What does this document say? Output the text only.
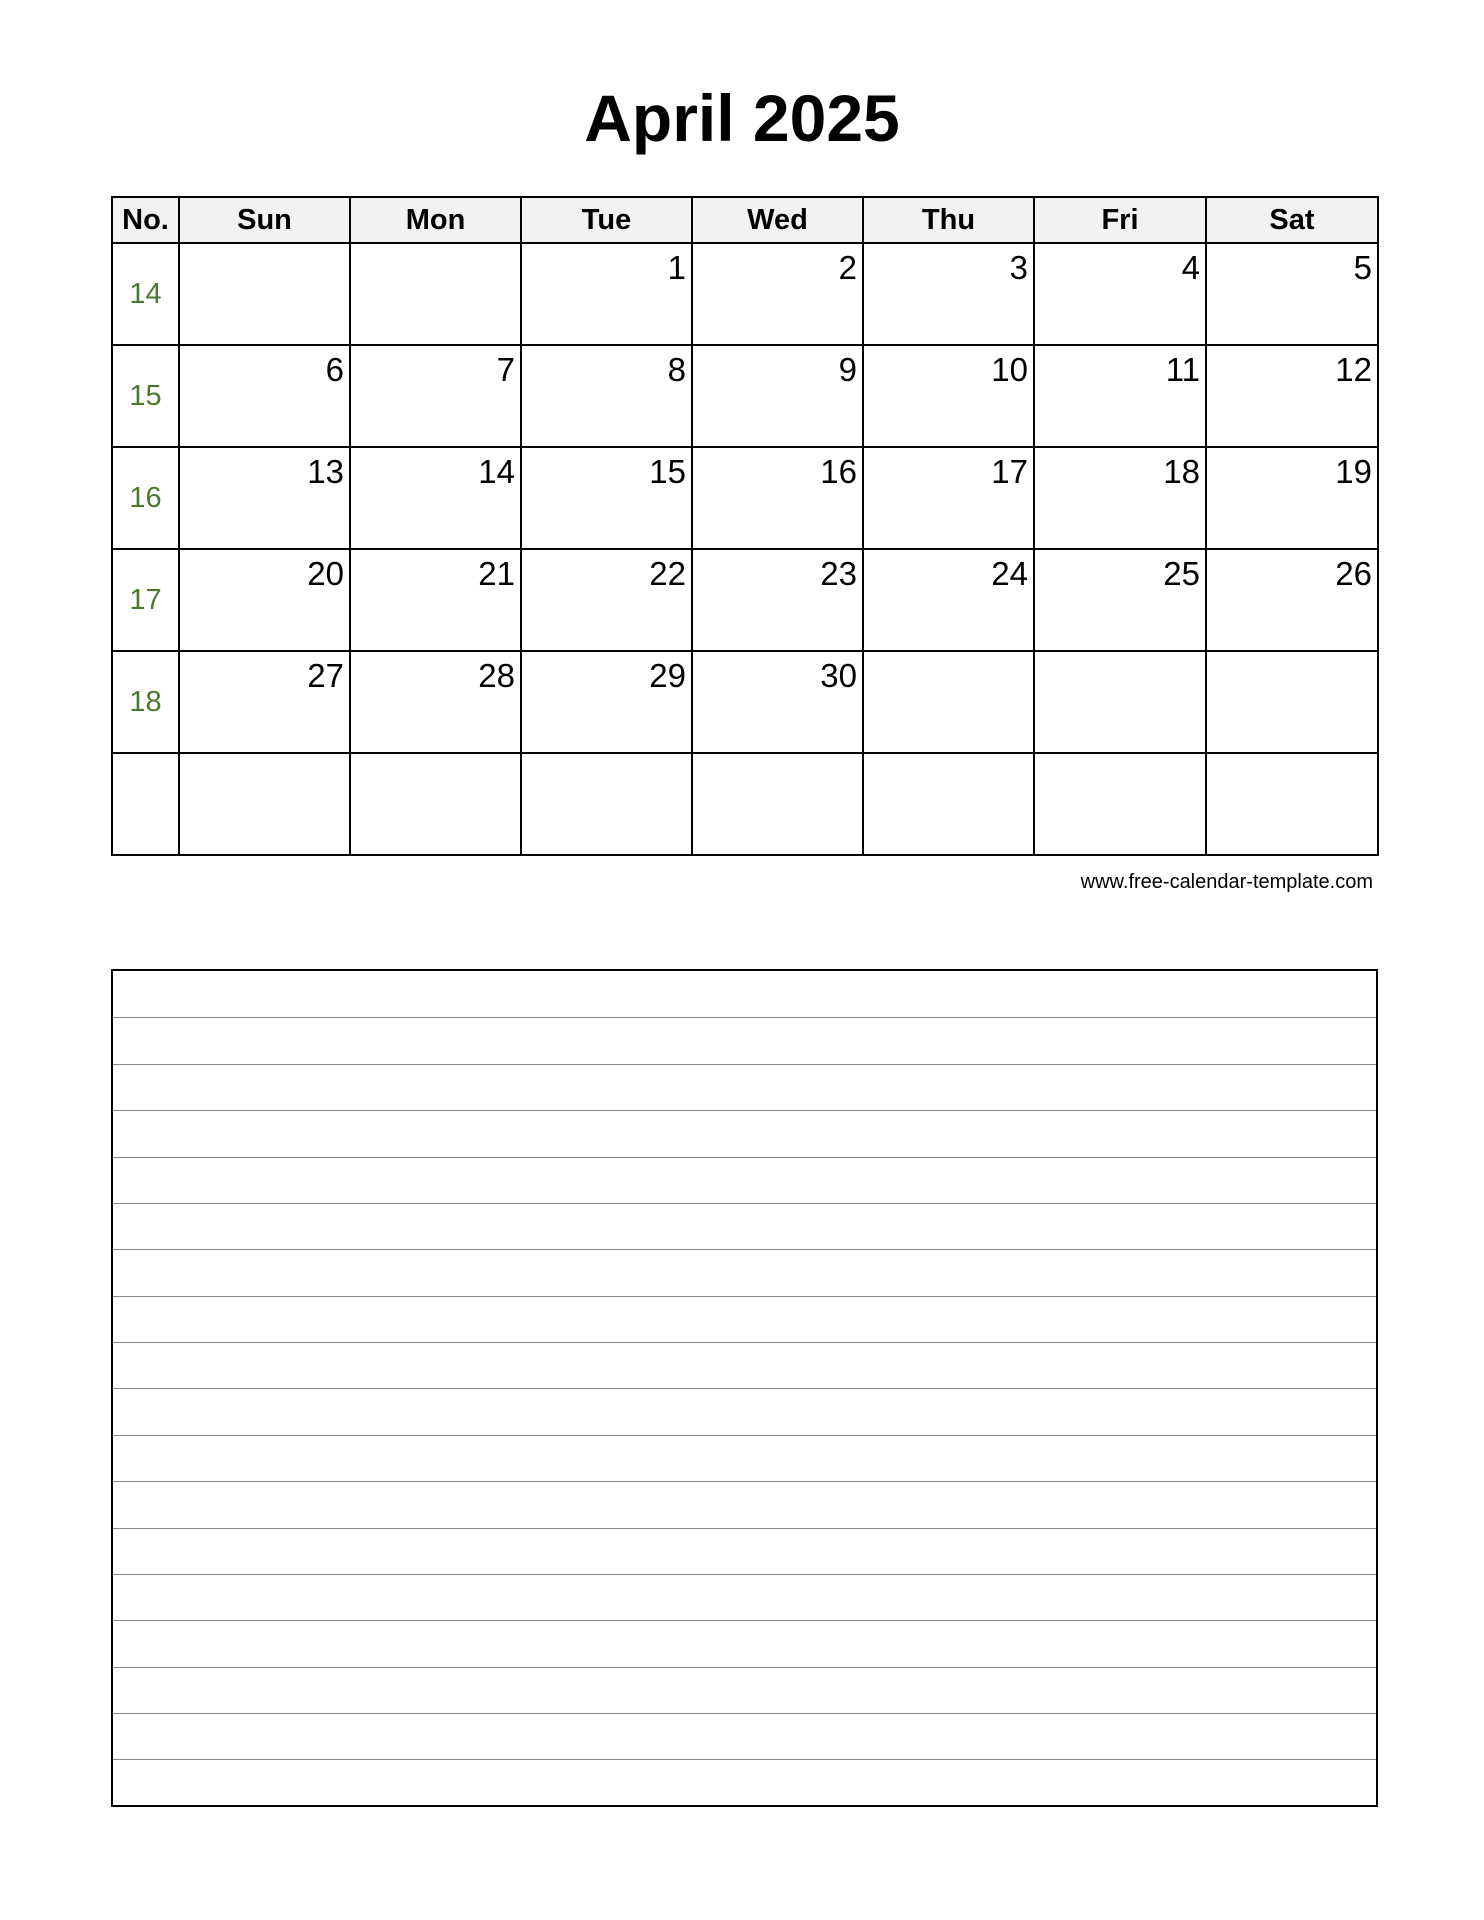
April 2025
No.	Sun	Mon	Tue	Wed	Thu	Fri	Sat
14			1	2	3	4	5
15	6	7	8	9	10	11	12
16	13	14	15	16	17	18	19
17	20	21	22	23	24	25	26
18	27	28	29	30			

www.free-calendar-template.com
